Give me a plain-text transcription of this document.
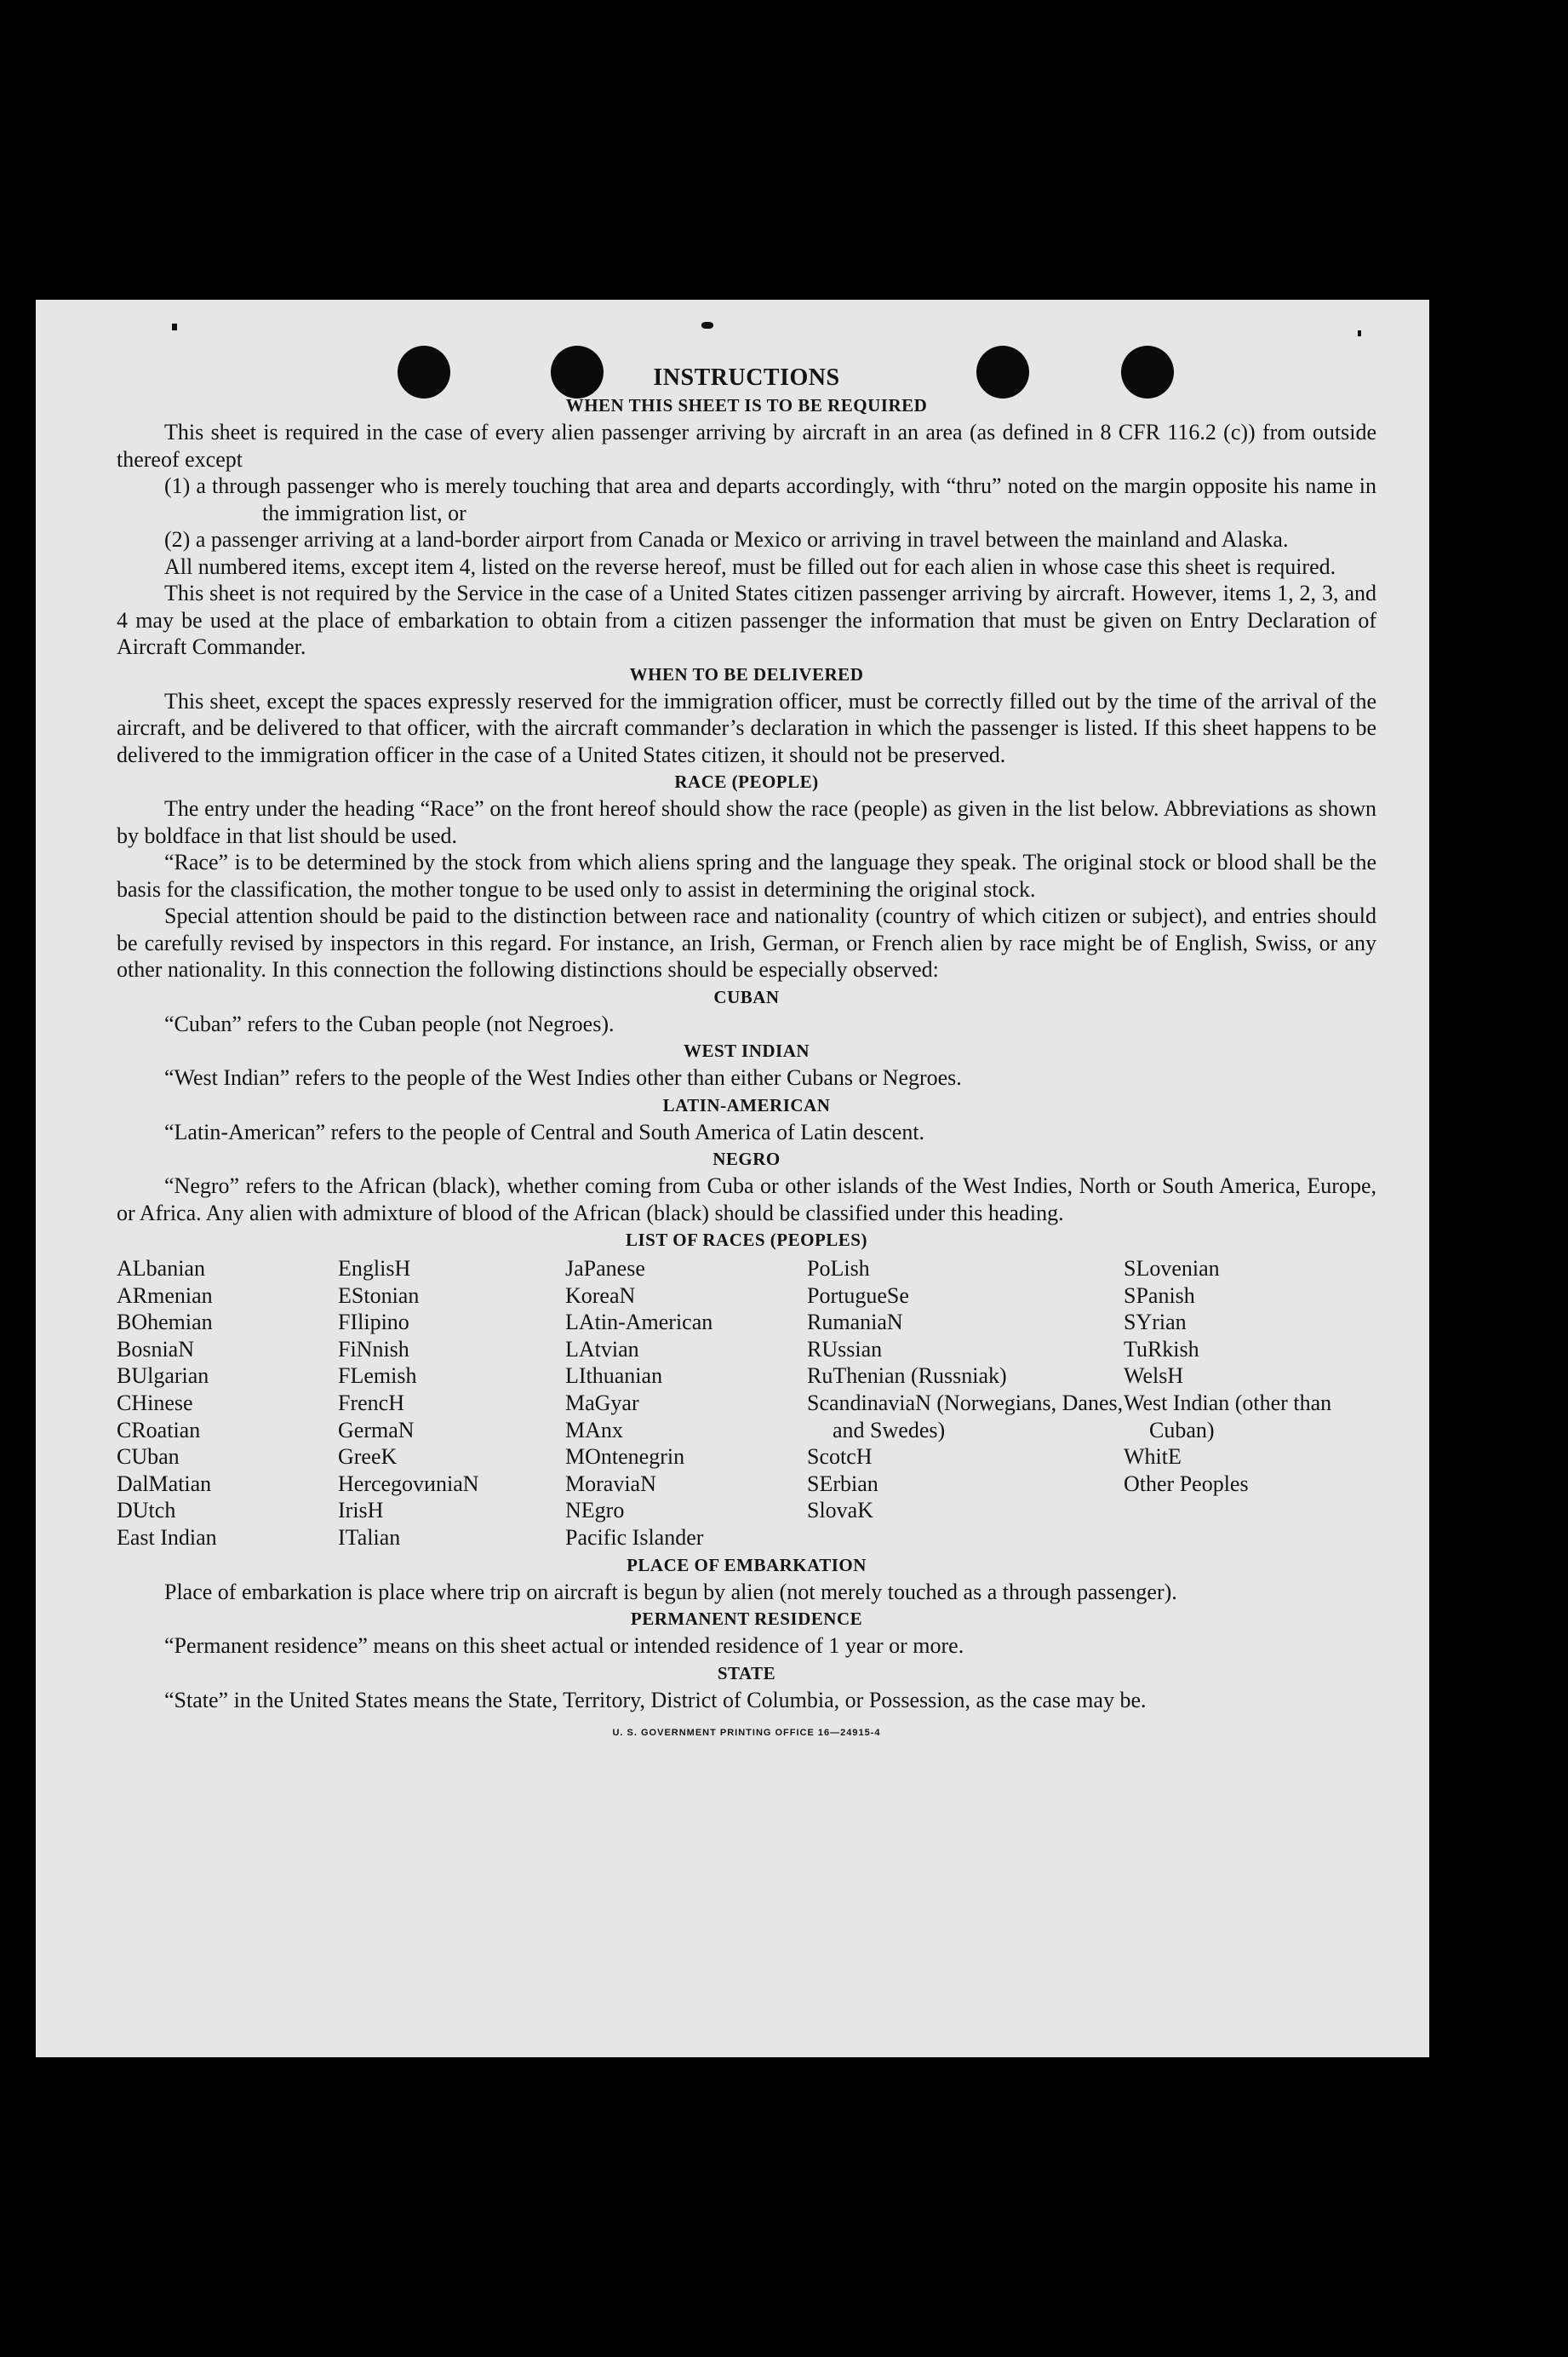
INSTRUCTIONS
WHEN THIS SHEET IS TO BE REQUIRED

This sheet is required in the case of every alien passenger arriving by aircraft in an area (as defined in 8 CFR 116.2 (c)) from outside thereof except

(1) a through passenger who is merely touching that area and departs accordingly, with “thru” noted on the margin opposite his name in the immigration list, or

(2) a passenger arriving at a land-border airport from Canada or Mexico or arriving in travel between the mainland and Alaska.

All numbered items, except item 4, listed on the reverse hereof, must be filled out for each alien in whose case this sheet is required.

This sheet is not required by the Service in the case of a United States citizen passenger arriving by aircraft. However, items 1, 2, 3, and 4 may be used at the place of embarkation to obtain from a citizen passenger the information that must be given on Entry Declaration of Aircraft Commander.

WHEN TO BE DELIVERED

This sheet, except the spaces expressly reserved for the immigration officer, must be correctly filled out by the time of the arrival of the aircraft, and be delivered to that officer, with the aircraft commander’s declaration in which the passenger is listed. If this sheet happens to be delivered to the immigration officer in the case of a United States citizen, it should not be preserved.

RACE (PEOPLE)

The entry under the heading “Race” on the front hereof should show the race (people) as given in the list below. Abbreviations as shown by boldface in that list should be used.

“Race” is to be determined by the stock from which aliens spring and the language they speak. The original stock or blood shall be the basis for the classification, the mother tongue to be used only to assist in determining the original stock.

Special attention should be paid to the distinction between race and nationality (country of which citizen or subject), and entries should be carefully revised by inspectors in this regard. For instance, an Irish, German, or French alien by race might be of English, Swiss, or any other nationality. In this connection the following distinctions should be especially observed:

CUBAN

“Cuban” refers to the Cuban people (not Negroes).

WEST INDIAN

“West Indian” refers to the people of the West Indies other than either Cubans or Negroes.

LATIN-AMERICAN

“Latin-American” refers to the people of Central and South America of Latin descent.

NEGRO

“Negro” refers to the African (black), whether coming from Cuba or other islands of the West Indies, North or South America, Europe, or Africa. Any alien with admixture of blood of the African (black) should be classified under this heading.

LIST OF RACES (PEOPLES)
ALbanian
ARmenian
BOhemian
BosniaN
BUlgarian
CHinese
CRoatian
CUban
DalMatian
DUtch
East Indian
EnglisH
EStonian
FIlipino
FiNnish
FLemish
FrencH
GermaN
GreeK
HercegovиniaN
IrisH
ITalian
JaPanese
KoreaN
LAtin-American
LAtvian
LIthuanian
MaGyar
MAnx
MOntenegrin
MoraviaN
NEgro
Pacific Islander
PoLish
PortugueSe
RumaniaN
RUssian
RuThenian (Russniak)
ScandinaviaN (Norwegians, Danes, and Swedes)
ScotcH
SErbian
SlovaK
SLovenian
SPanish
SYrian
TuRkish
WelsH
West Indian (other than Cuban)
WhitE
Other Peoples
PLACE OF EMBARKATION

Place of embarkation is place where trip on aircraft is begun by alien (not merely touched as a through passenger).

PERMANENT RESIDENCE

“Permanent residence” means on this sheet actual or intended residence of 1 year or more.

STATE

“State” in the United States means the State, Territory, District of Columbia, or Possession, as the case may be.

U. S. GOVERNMENT PRINTING OFFICE 16—24915-4
